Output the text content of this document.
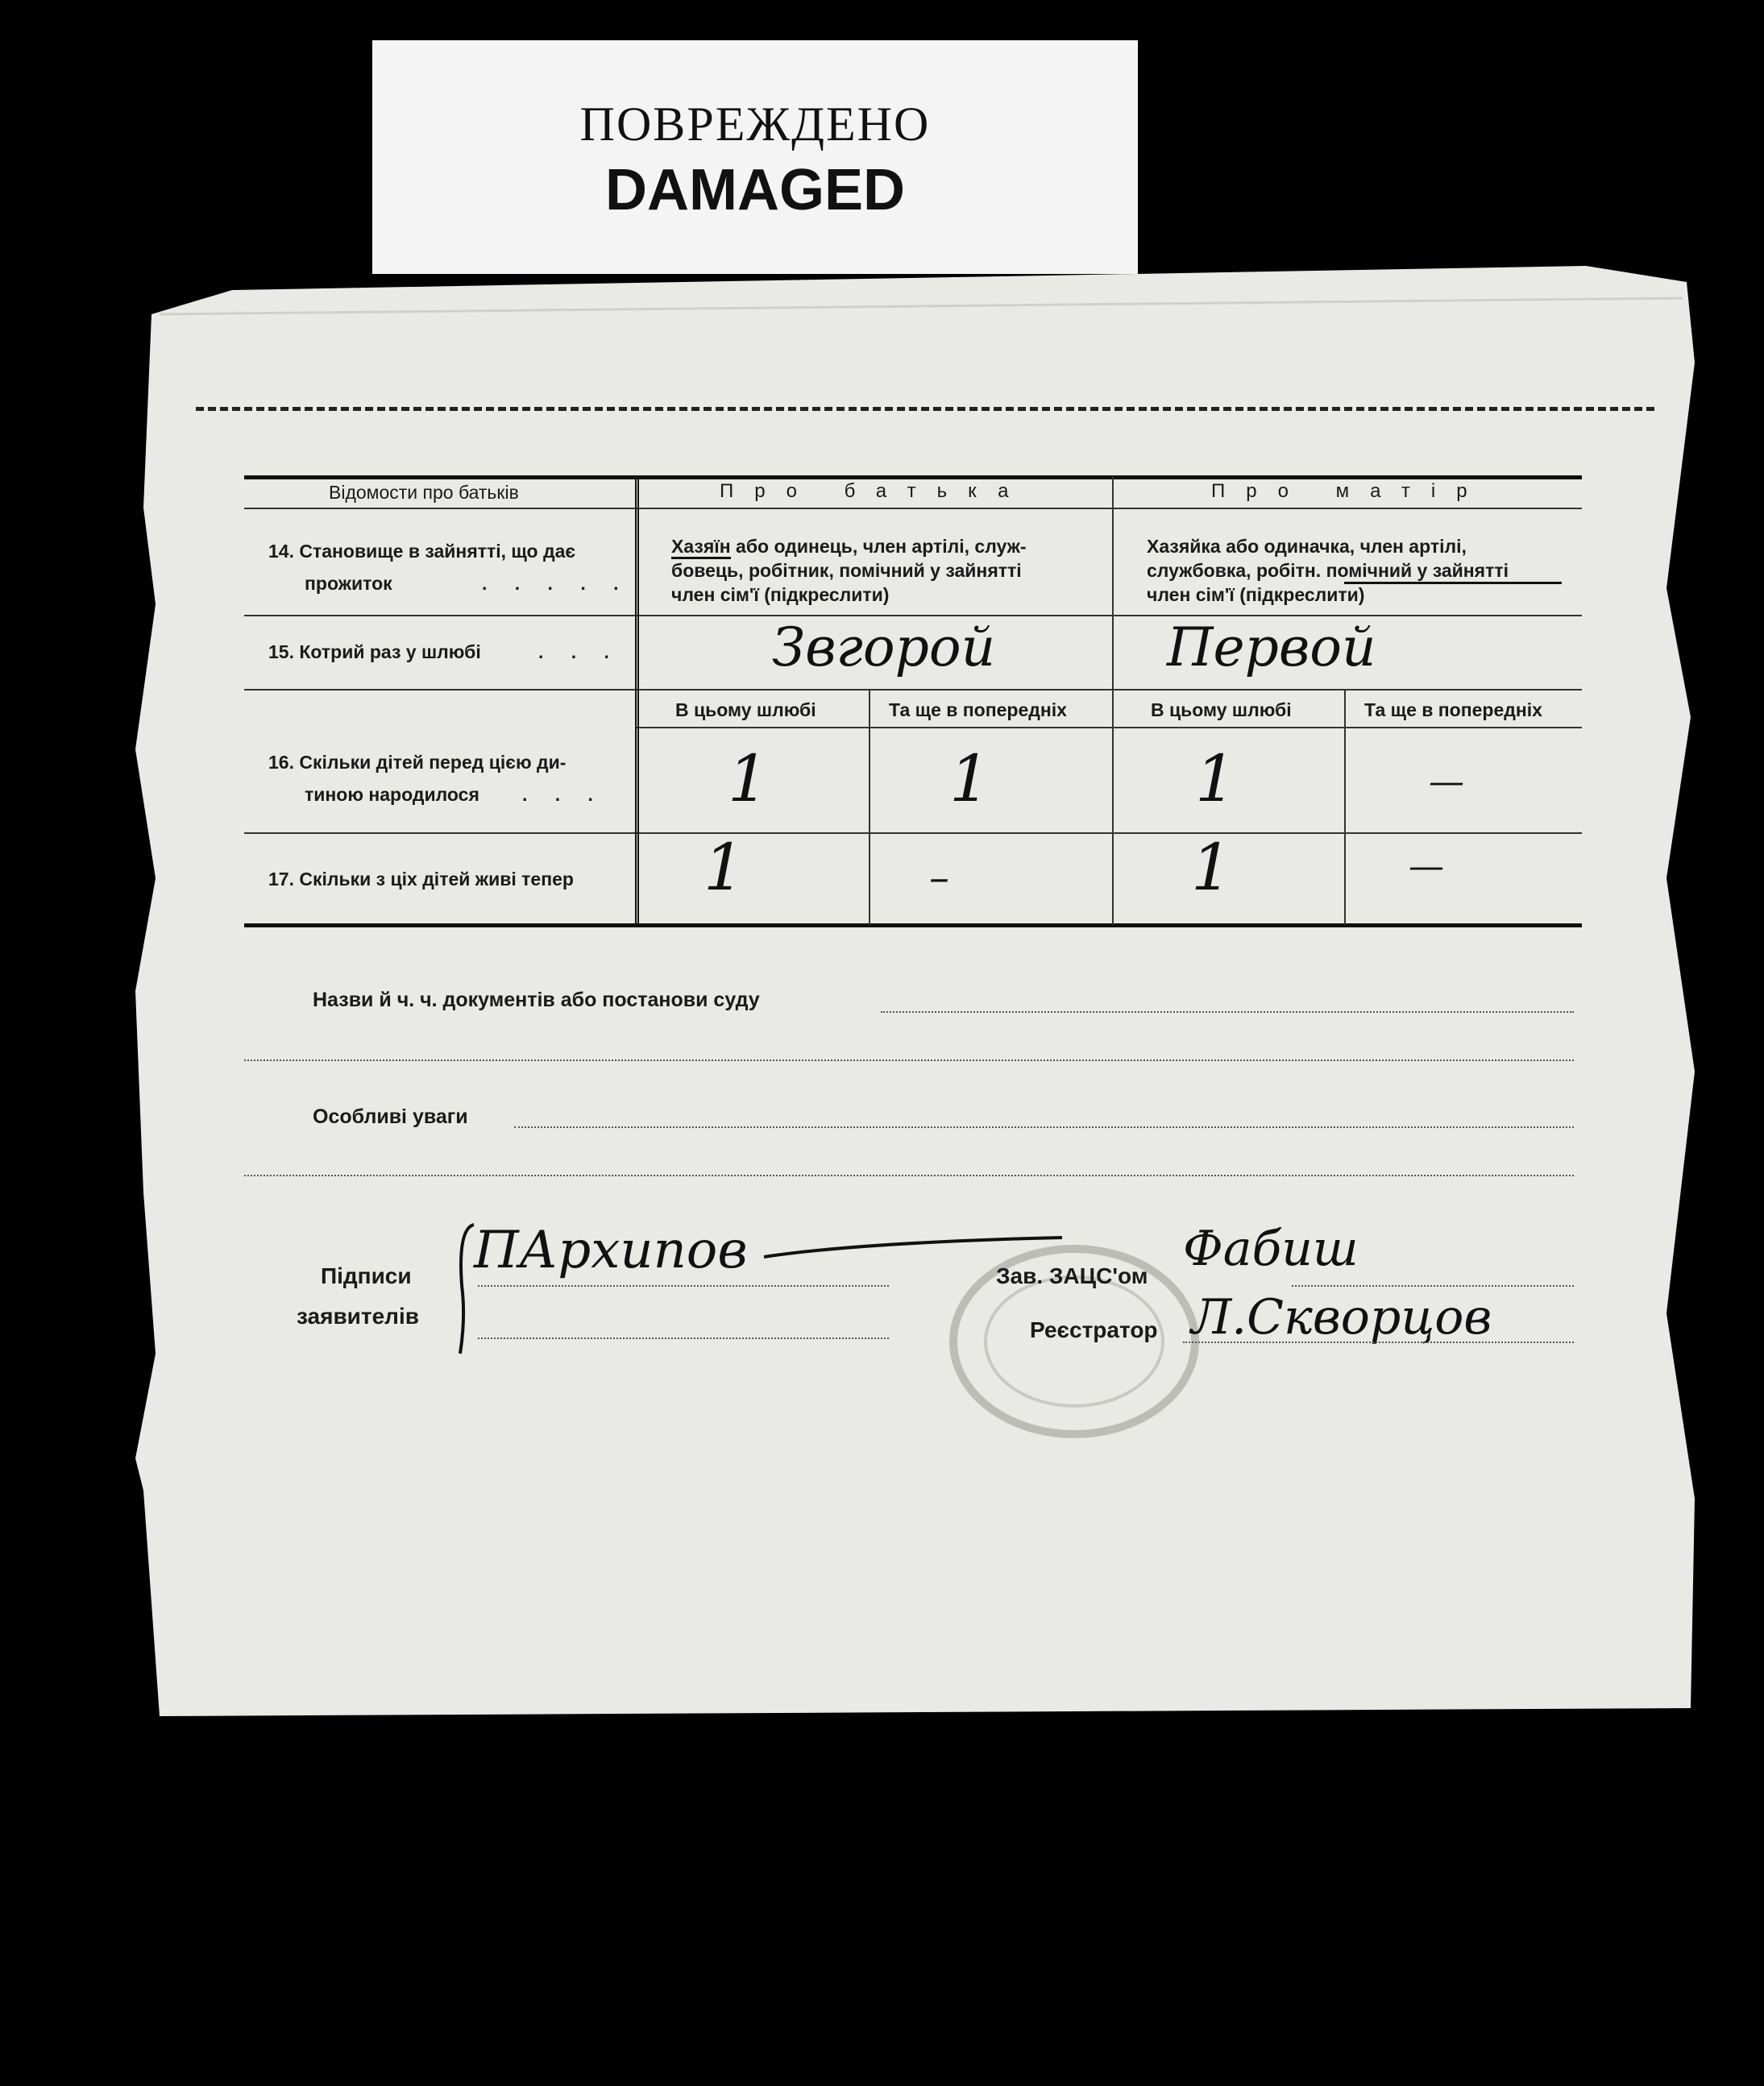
ПОВРЕЖДЕНО
DAMAGED
Відомости про батьків	Про батька	Про матір
14. Становище в зайнятті, що дає
прожиток	. . . . .
Хазяїн або одинець, член артілі, служ-
бовець, робітник, помічний у зайнятті
член сім'ї (підкреслити)
Хазяйка або одиначка, член артілі,
службовка, робітн. помічний у зайнятті
член сім'ї (підкреслити)
15. Котрий раз у шлюбі	. . .	Звгорой	Первой
В цьому шлюбі	Та ще в попередніх	В цьому шлюбі	Та ще в попередніх
16. Скільки дітей перед цією ди-
тиною народилося . . . 1	1	1	—
17. Скільки з ціх дітей живі тепер 1	–	1	—
Назви й ч. ч. документів або постанови суду
Особливі уваги
Підписи
заявителів
ПАрхипов	Зав. ЗАЦС'ом Фабиш
Реєстратор Л.Скворцов
